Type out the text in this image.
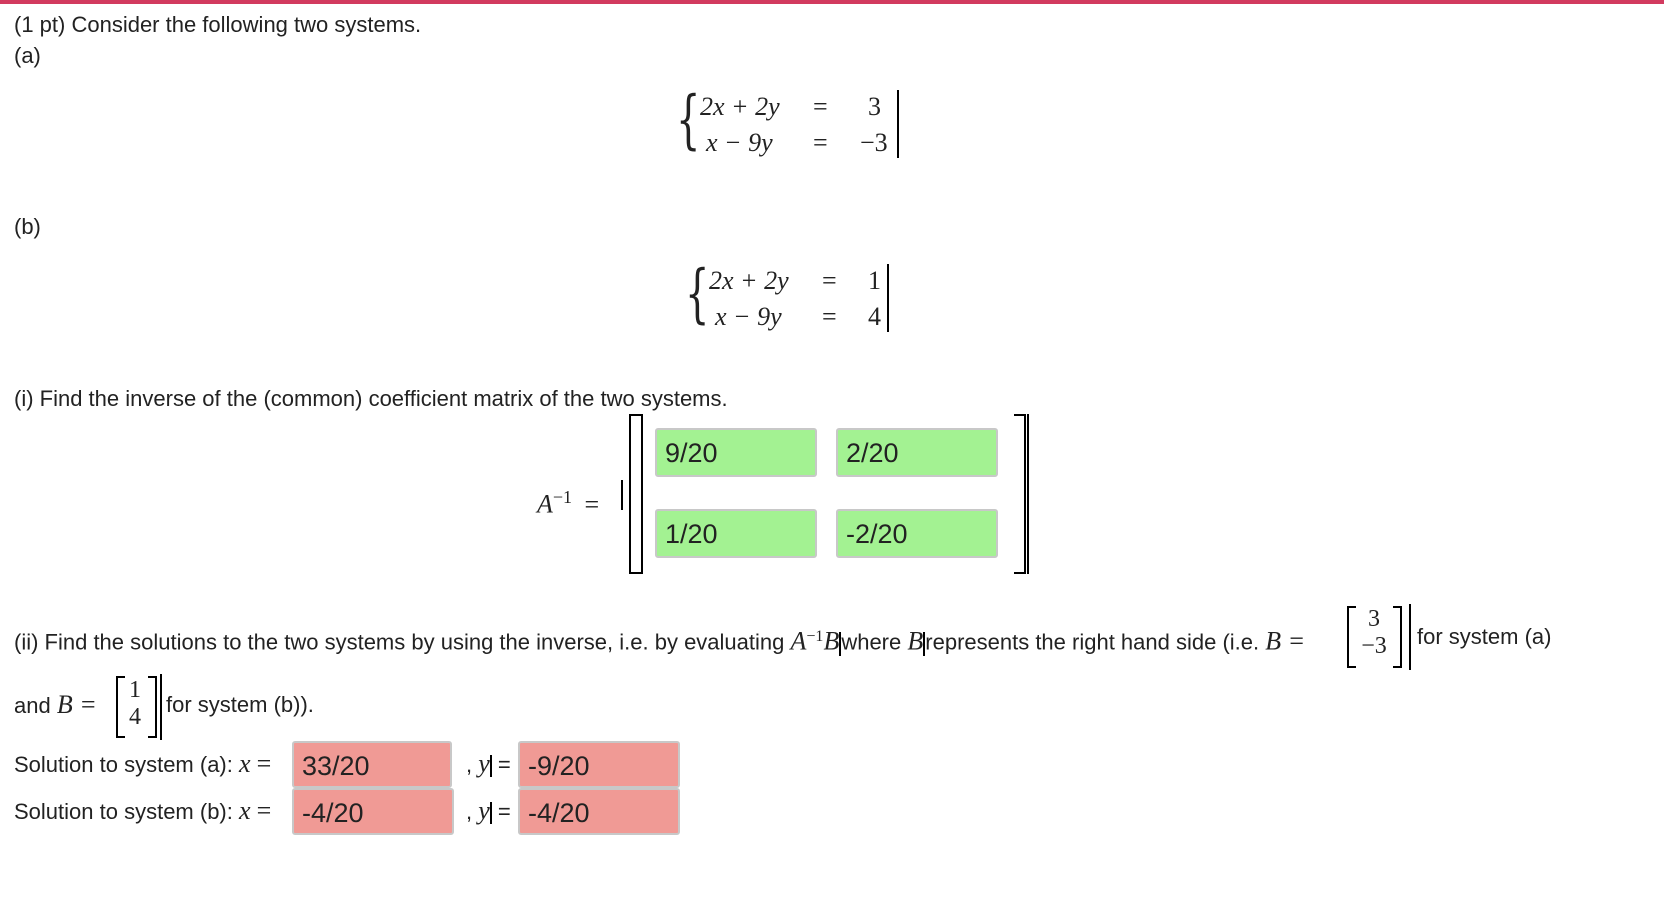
(1 pt) Consider the following two systems.
(a)
{ 2x + 2y = 3
x − 9y = −3
(b)
{ 2x + 2y = 1
x − 9y = 4
(i) Find the inverse of the (common) coefficient matrix of the two systems.
$A^{-1}$ =
9/20	2/20
1/20	-2/20
(ii) Find the solutions to the two systems by using the inverse, i.e. by evaluating $A^{-1}Bwhere$ Brepresents the right hand side (i.e. B =
3
−3 for system (a)
and B = 1
4	for system (b)).
Solution to system (a): x =	33/20	, y = -9/20
Solution to system (b): x =	-4/20	, y = -4/20
